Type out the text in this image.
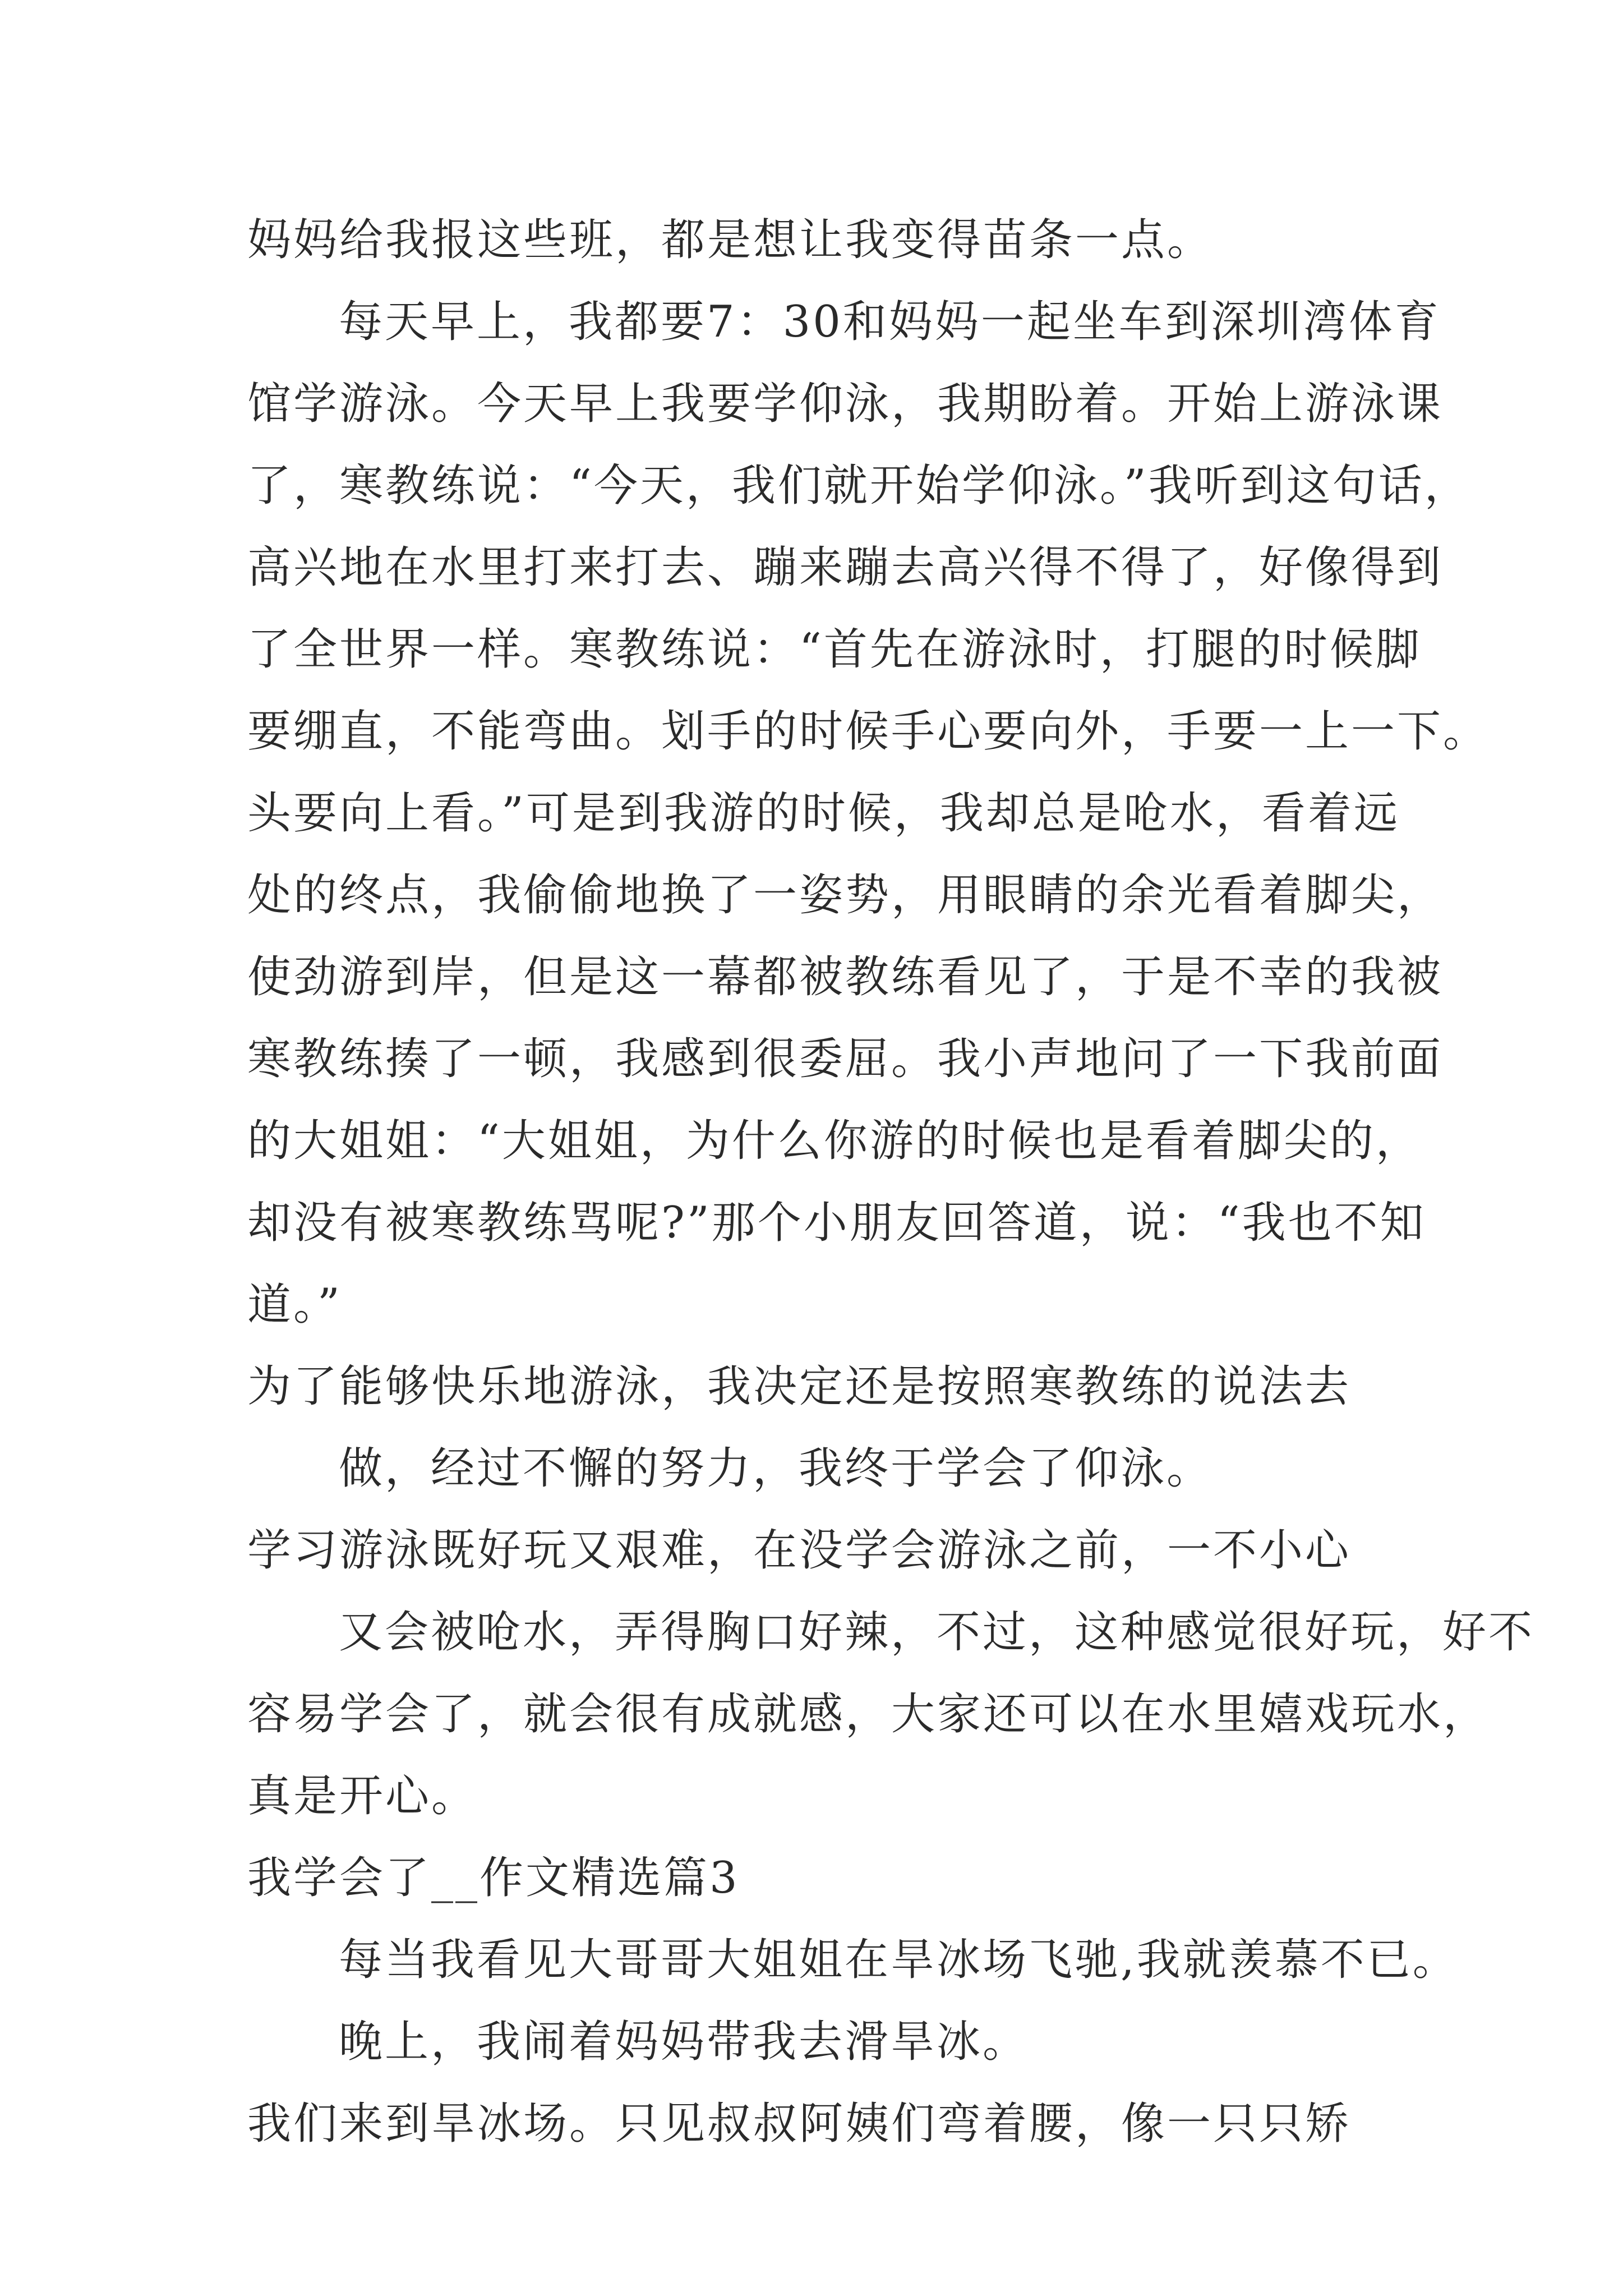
妈妈给我报这些班，都是想让我变得苗条一点。
每天早上，我都要7：30和妈妈一起坐车到深圳湾体育
馆学游泳。今天早上我要学仰泳，我期盼着。开始上游泳课
了，寒教练说：“今天，我们就开始学仰泳。”我听到这句话，
高兴地在水里打来打去、蹦来蹦去高兴得不得了，好像得到
了全世界一样。寒教练说：“首先在游泳时，打腿的时候脚
要绷直，不能弯曲。划手的时候手心要向外，手要一上一下。
头要向上看。”可是到我游的时候，我却总是呛水，看着远
处的终点，我偷偷地换了一姿势，用眼睛的余光看着脚尖，
使劲游到岸，但是这一幕都被教练看见了，于是不幸的我被
寒教练揍了一顿，我感到很委屈。我小声地问了一下我前面
的大姐姐：“大姐姐，为什么你游的时候也是看着脚尖的，
却没有被寒教练骂呢?”那个小朋友回答道，说：“我也不知
道。”
为了能够快乐地游泳，我决定还是按照寒教练的说法去
做，经过不懈的努力，我终于学会了仰泳。
学习游泳既好玩又艰难，在没学会游泳之前，一不小心
又会被呛水，弄得胸口好辣，不过，这种感觉很好玩，好不
容易学会了，就会很有成就感，大家还可以在水里嬉戏玩水，
真是开心。
我学会了__作文精选篇3
每当我看见大哥哥大姐姐在旱冰场飞驰,我就羡慕不已。
晚上，我闹着妈妈带我去滑旱冰。
我们来到旱冰场。只见叔叔阿姨们弯着腰，像一只只矫
